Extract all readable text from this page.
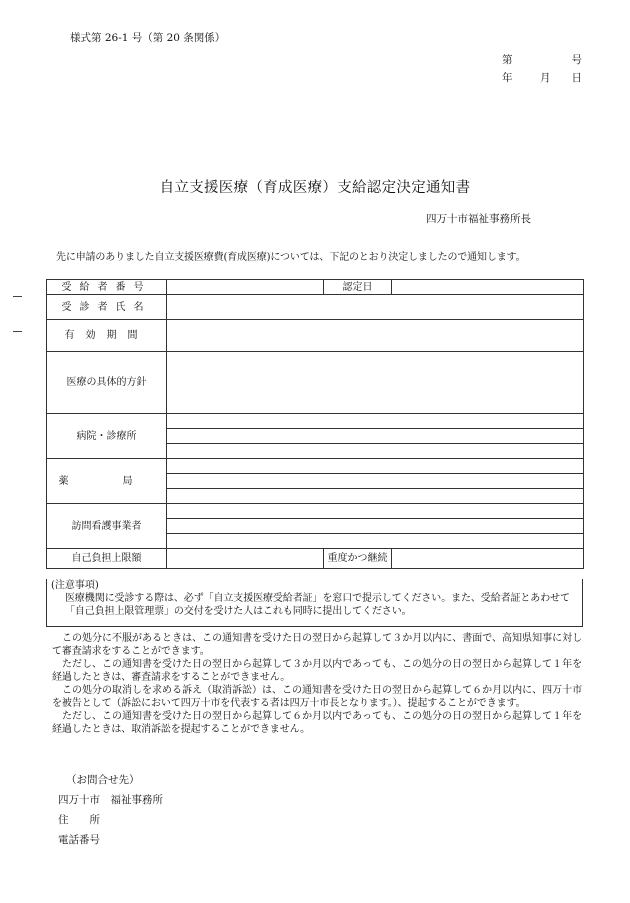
様式第 26-1 号（第 20 条関係）
第	号
年	月 日
自立支援医療（育成医療）支給認定決定通知書
四万十市福祉事務所長
先に申請のありました自立支援医療費(育成医療)については、下記のとおり決定しましたので通知します。
受給者番号		認定日	
受診者氏名			
有効期間			
医療の具体的方針			
病院・診療所			

薬　局			

訪問看護事業者			

自己負担上限額		重度かつ継続	
(注意事項)
医療機関に受診する際は、必ず「自立支援医療受給者証」を窓口で提示してください。また、受給者証とあわせて「自己負担上限管理票」の交付を受けた人はこれも同時に提出してください。

この処分に不服があるときは、この通知書を受けた日の翌日から起算して３か月以内に、書面で、高知県知事に対して審査請求をすることができます。

ただし、この通知書を受けた日の翌日から起算して３か月以内であっても、この処分の日の翌日から起算して１年を経過したときは、審査請求をすることができません。

この処分の取消しを求める訴え（取消訴訟）は、この通知書を受けた日の翌日から起算して６か月以内に、四万十市を被告として（訴訟において四万十市を代表する者は四万十市長となります。）、提起することができます。

ただし、この通知書を受けた日の翌日から起算して６か月以内であっても、この処分の日の翌日から起算して１年を経過したときは、取消訴訟を提起することができません。

（お問合せ先）
四万十市　福祉事務所
住　　所
電話番号
